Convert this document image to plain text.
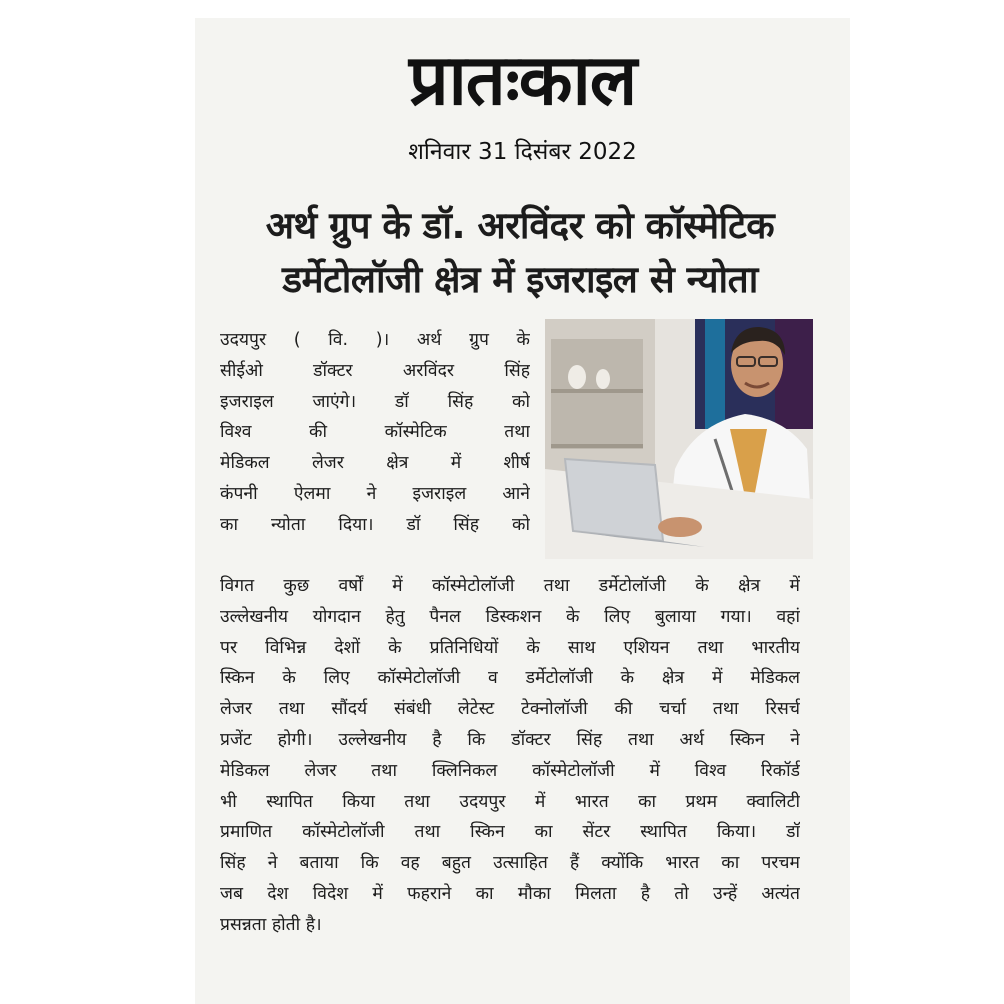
प्रातःकाल
शनिवार 31 दिसंबर 2022
अर्थ ग्रुप के डॉ. अरविंदर को कॉस्मेटिक
डर्मेटोलॉजी क्षेत्र में इजराइल से न्योता
उदयपुर ( वि. )। अर्थ ग्रुप के
सीईओ डॉक्टर अरविंदर सिंह
इजराइल जाएंगे। डॉ सिंह को
विश्व की कॉस्मेटिक तथा
मेडिकल लेजर क्षेत्र में शीर्ष
कंपनी ऐलमा ने इजराइल आने
का न्योता दिया। डॉ सिंह को
विगत कुछ वर्षों में कॉस्मेटोलॉजी तथा डर्मेटोलॉजी के क्षेत्र में
उल्लेखनीय योगदान हेतु पैनल डिस्कशन के लिए बुलाया गया। वहां
पर विभिन्न देशों के प्रतिनिधियों के साथ एशियन तथा भारतीय
स्किन के लिए कॉस्मेटोलॉजी व डर्मेटोलॉजी के क्षेत्र में मेडिकल
लेजर तथा सौंदर्य संबंधी लेटेस्ट टेक्नोलॉजी की चर्चा तथा रिसर्च
प्रजेंट होगी। उल्लेखनीय है कि डॉक्टर सिंह तथा अर्थ स्किन ने
मेडिकल लेजर तथा क्लिनिकल कॉस्मेटोलॉजी में विश्व रिकॉर्ड
भी स्थापित किया तथा उदयपुर में भारत का प्रथम क्वालिटी
प्रमाणित कॉस्मेटोलॉजी तथा स्किन का सेंटर स्थापित किया। डॉ
सिंह ने बताया कि वह बहुत उत्साहित हैं क्योंकि भारत का परचम
जब देश विदेश में फहराने का मौका मिलता है तो उन्हें अत्यंत
प्रसन्नता होती है।
